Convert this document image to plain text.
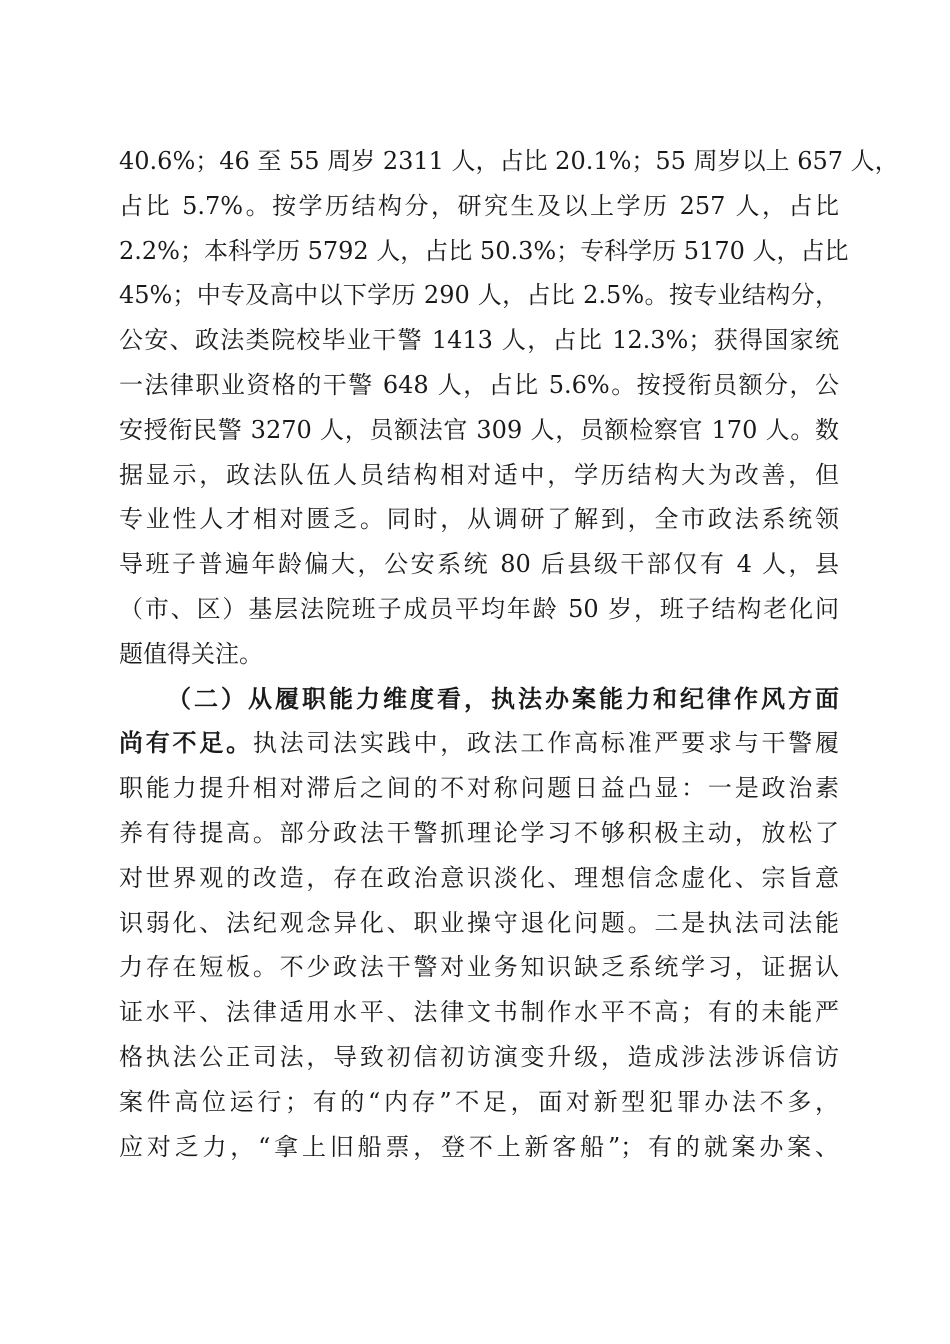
40.6%；46 至 55 周岁 2311 人，占比 20.1%；55 周岁以上 657 人，
占比 5.7%。按学历结构分，研究生及以上学历 257 人，占比
2.2%；本科学历 5792 人，占比 50.3%；专科学历 5170 人，占比
45%；中专及高中以下学历 290 人，占比 2.5%。按专业结构分，
公安、政法类院校毕业干警 1413 人，占比 12.3%；获得国家统
一法律职业资格的干警 648 人，占比 5.6%。按授衔员额分，公
安授衔民警 3270 人，员额法官 309 人，员额检察官 170 人。数
据显示，政法队伍人员结构相对适中，学历结构大为改善，但
专业性人才相对匮乏。同时，从调研了解到，全市政法系统领
导班子普遍年龄偏大，公安系统 80 后县级干部仅有 4 人，县
（市、区）基层法院班子成员平均年龄 50 岁，班子结构老化问
题值得关注。
（二）从履职能力维度看，执法办案能力和纪律作风方面
尚有不足。执法司法实践中，政法工作高标准严要求与干警履
职能力提升相对滞后之间的不对称问题日益凸显：一是政治素
养有待提高。部分政法干警抓理论学习不够积极主动，放松了
对世界观的改造，存在政治意识淡化、理想信念虚化、宗旨意
识弱化、法纪观念异化、职业操守退化问题。二是执法司法能
力存在短板。不少政法干警对业务知识缺乏系统学习，证据认
证水平、法律适用水平、法律文书制作水平不高；有的未能严
格执法公正司法，导致初信初访演变升级，造成涉法涉诉信访
案件高位运行；有的“内存”不足，面对新型犯罪办法不多，
应对乏力，“拿上旧船票，登不上新客船”；有的就案办案、
